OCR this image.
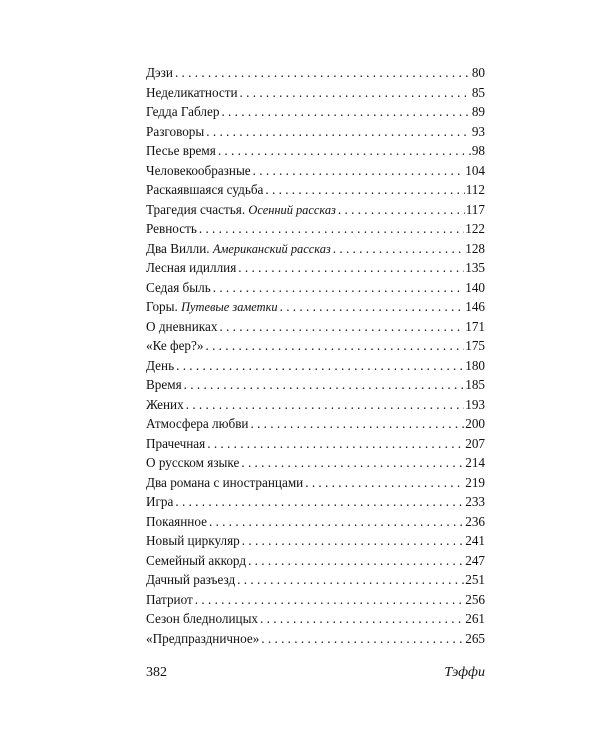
Дэзи . . .	80
Неделикатности . . .	85
Гедда Габлер . . .	89
Разговоры . . .	93
Песье время . . .	98
Человекообразные . . .	104
Раскаявшаяся судьба . . .	112
Трагедия счастья. Осенний рассказ . . .	117
Ревность . . .	122
Два Вилли. Американский рассказ . . .	128
Лесная идиллия . . .	135
Седая быль . . .	140
Горы. Путевые заметки . . .	146
О дневниках . . .	171
«Ке фер?» . . .	175
День . . .	180
Время . . .	185
Жених . . .	193
Атмосфера любви . . .	200
Прачечная . . .	207
О русском языке . . .	214
Два романа с иностранцами . . .	219
Игра . . .	233
Покаянное . . .	236
Новый циркуляр . . .	241
Семейный аккорд . . .	247
Дачный разъезд . . .	251
Патриот . . .	256
Сезон бледнолицых . . .	261
«Предпраздничное» . . .	265
382	Тэффи
